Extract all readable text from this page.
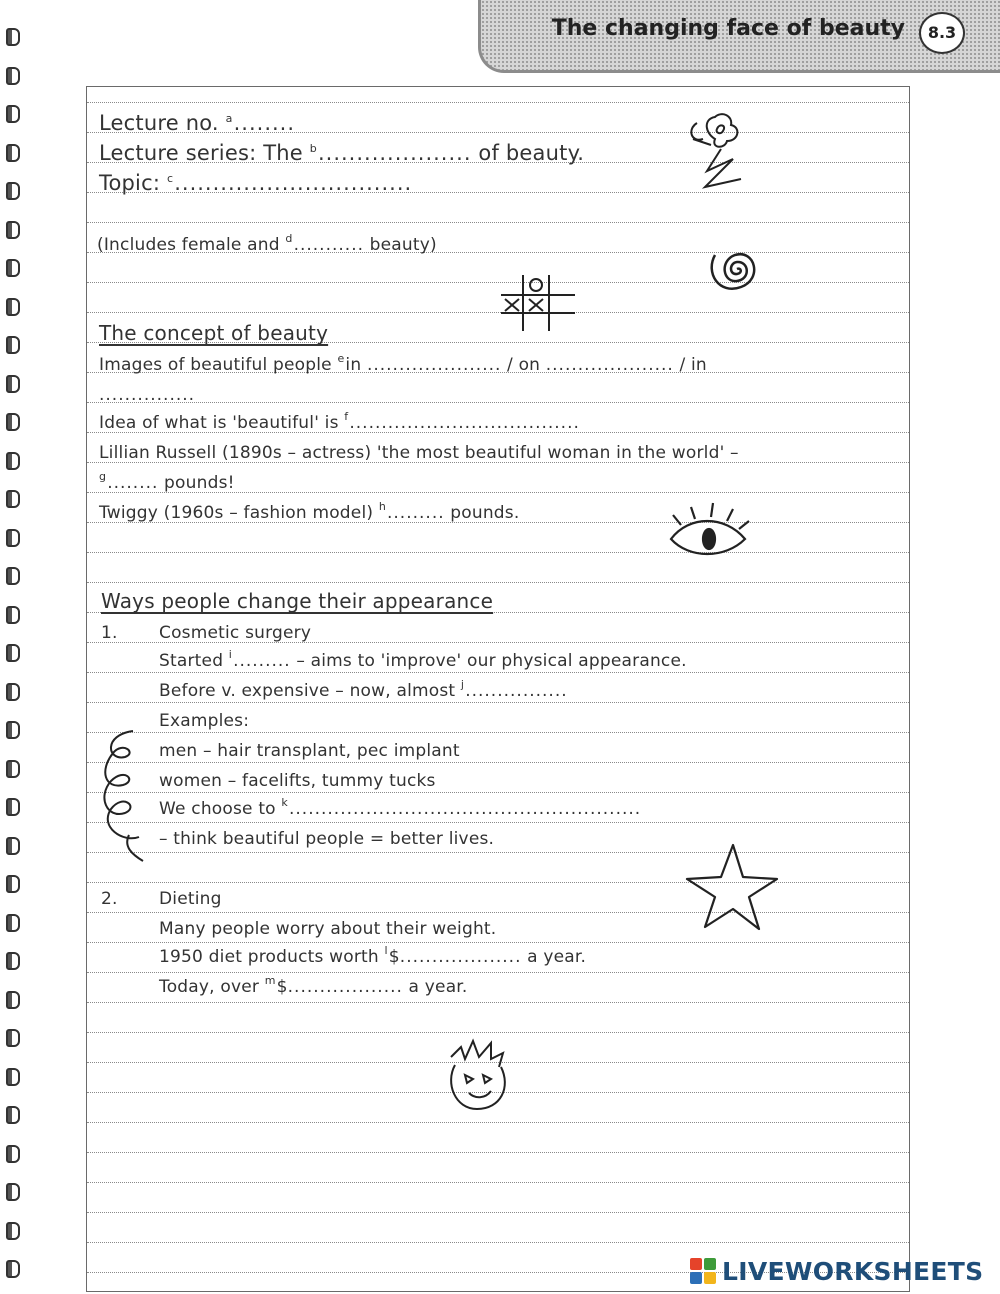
The changing face of beauty	8.3
Lecture no. $^a$........
Lecture series: The $^b$.................... of beauty.
Topic: $^c$...............................
(Includes female and $^d$........... beauty)
The concept of beauty
Images of beautiful people $^e$in ..................... / on .................... / in
...............
Idea of what is 'beautiful' is $^f$....................................
Lillian Russell (1890s – actress) 'the most beautiful woman in the world' –
$^g$........ pounds!
Twiggy (1960s – fashion model) $^h$......... pounds.
Ways people change their appearance
1. Cosmetic surgery
Started $^i$......... – aims to 'improve' our physical appearance.
Before v. expensive – now, almost $^j$................
Examples:
men – hair transplant, pec implant
women – facelifts, tummy tucks
We choose to $^k$.......................................................
– think beautiful people = better lives.
2. Dieting
Many people worry about their weight.
1950 diet products worth $^l$\$................... a year.
Today, over $^m$\$.................. a year.
LIVEWORKSHEETS
